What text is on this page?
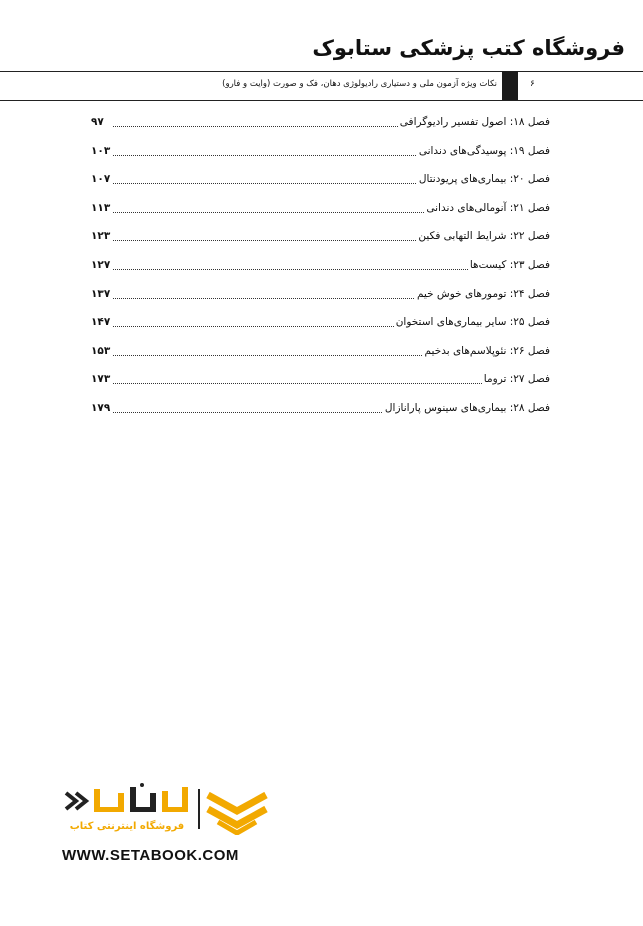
فروشگاه کتب پزشکی ستابوک
۶
نکات ویژه آزمون ملی و دستیاری رادیولوژی دهان، فک و صورت (وایت و فارو)
فصل ۱۸: اصول تفسیر رادیوگرافی
۹۷
فصل ۱۹: پوسیدگی‌های دندانی
۱۰۳
فصل ۲۰: بیماری‌های پریودنتال
۱۰۷
فصل ۲۱: آنومالی‌های دندانی
۱۱۳
فصل ۲۲: شرایط التهابی فکین
۱۲۳
فصل ۲۳: کیست‌ها
۱۲۷
فصل ۲۴: تومورهای خوش خیم
۱۳۷
فصل ۲۵: سایر بیماری‌های استخوان
۱۴۷
فصل ۲۶: نئوپلاسم‌های بدخیم
۱۵۳
فصل ۲۷: تروما
۱۷۳
فصل ۲۸: بیماری‌های سینوس پارانازال
۱۷۹
فروشگاه اینترنتی کتاب
WWW.SETABOOK.COM
